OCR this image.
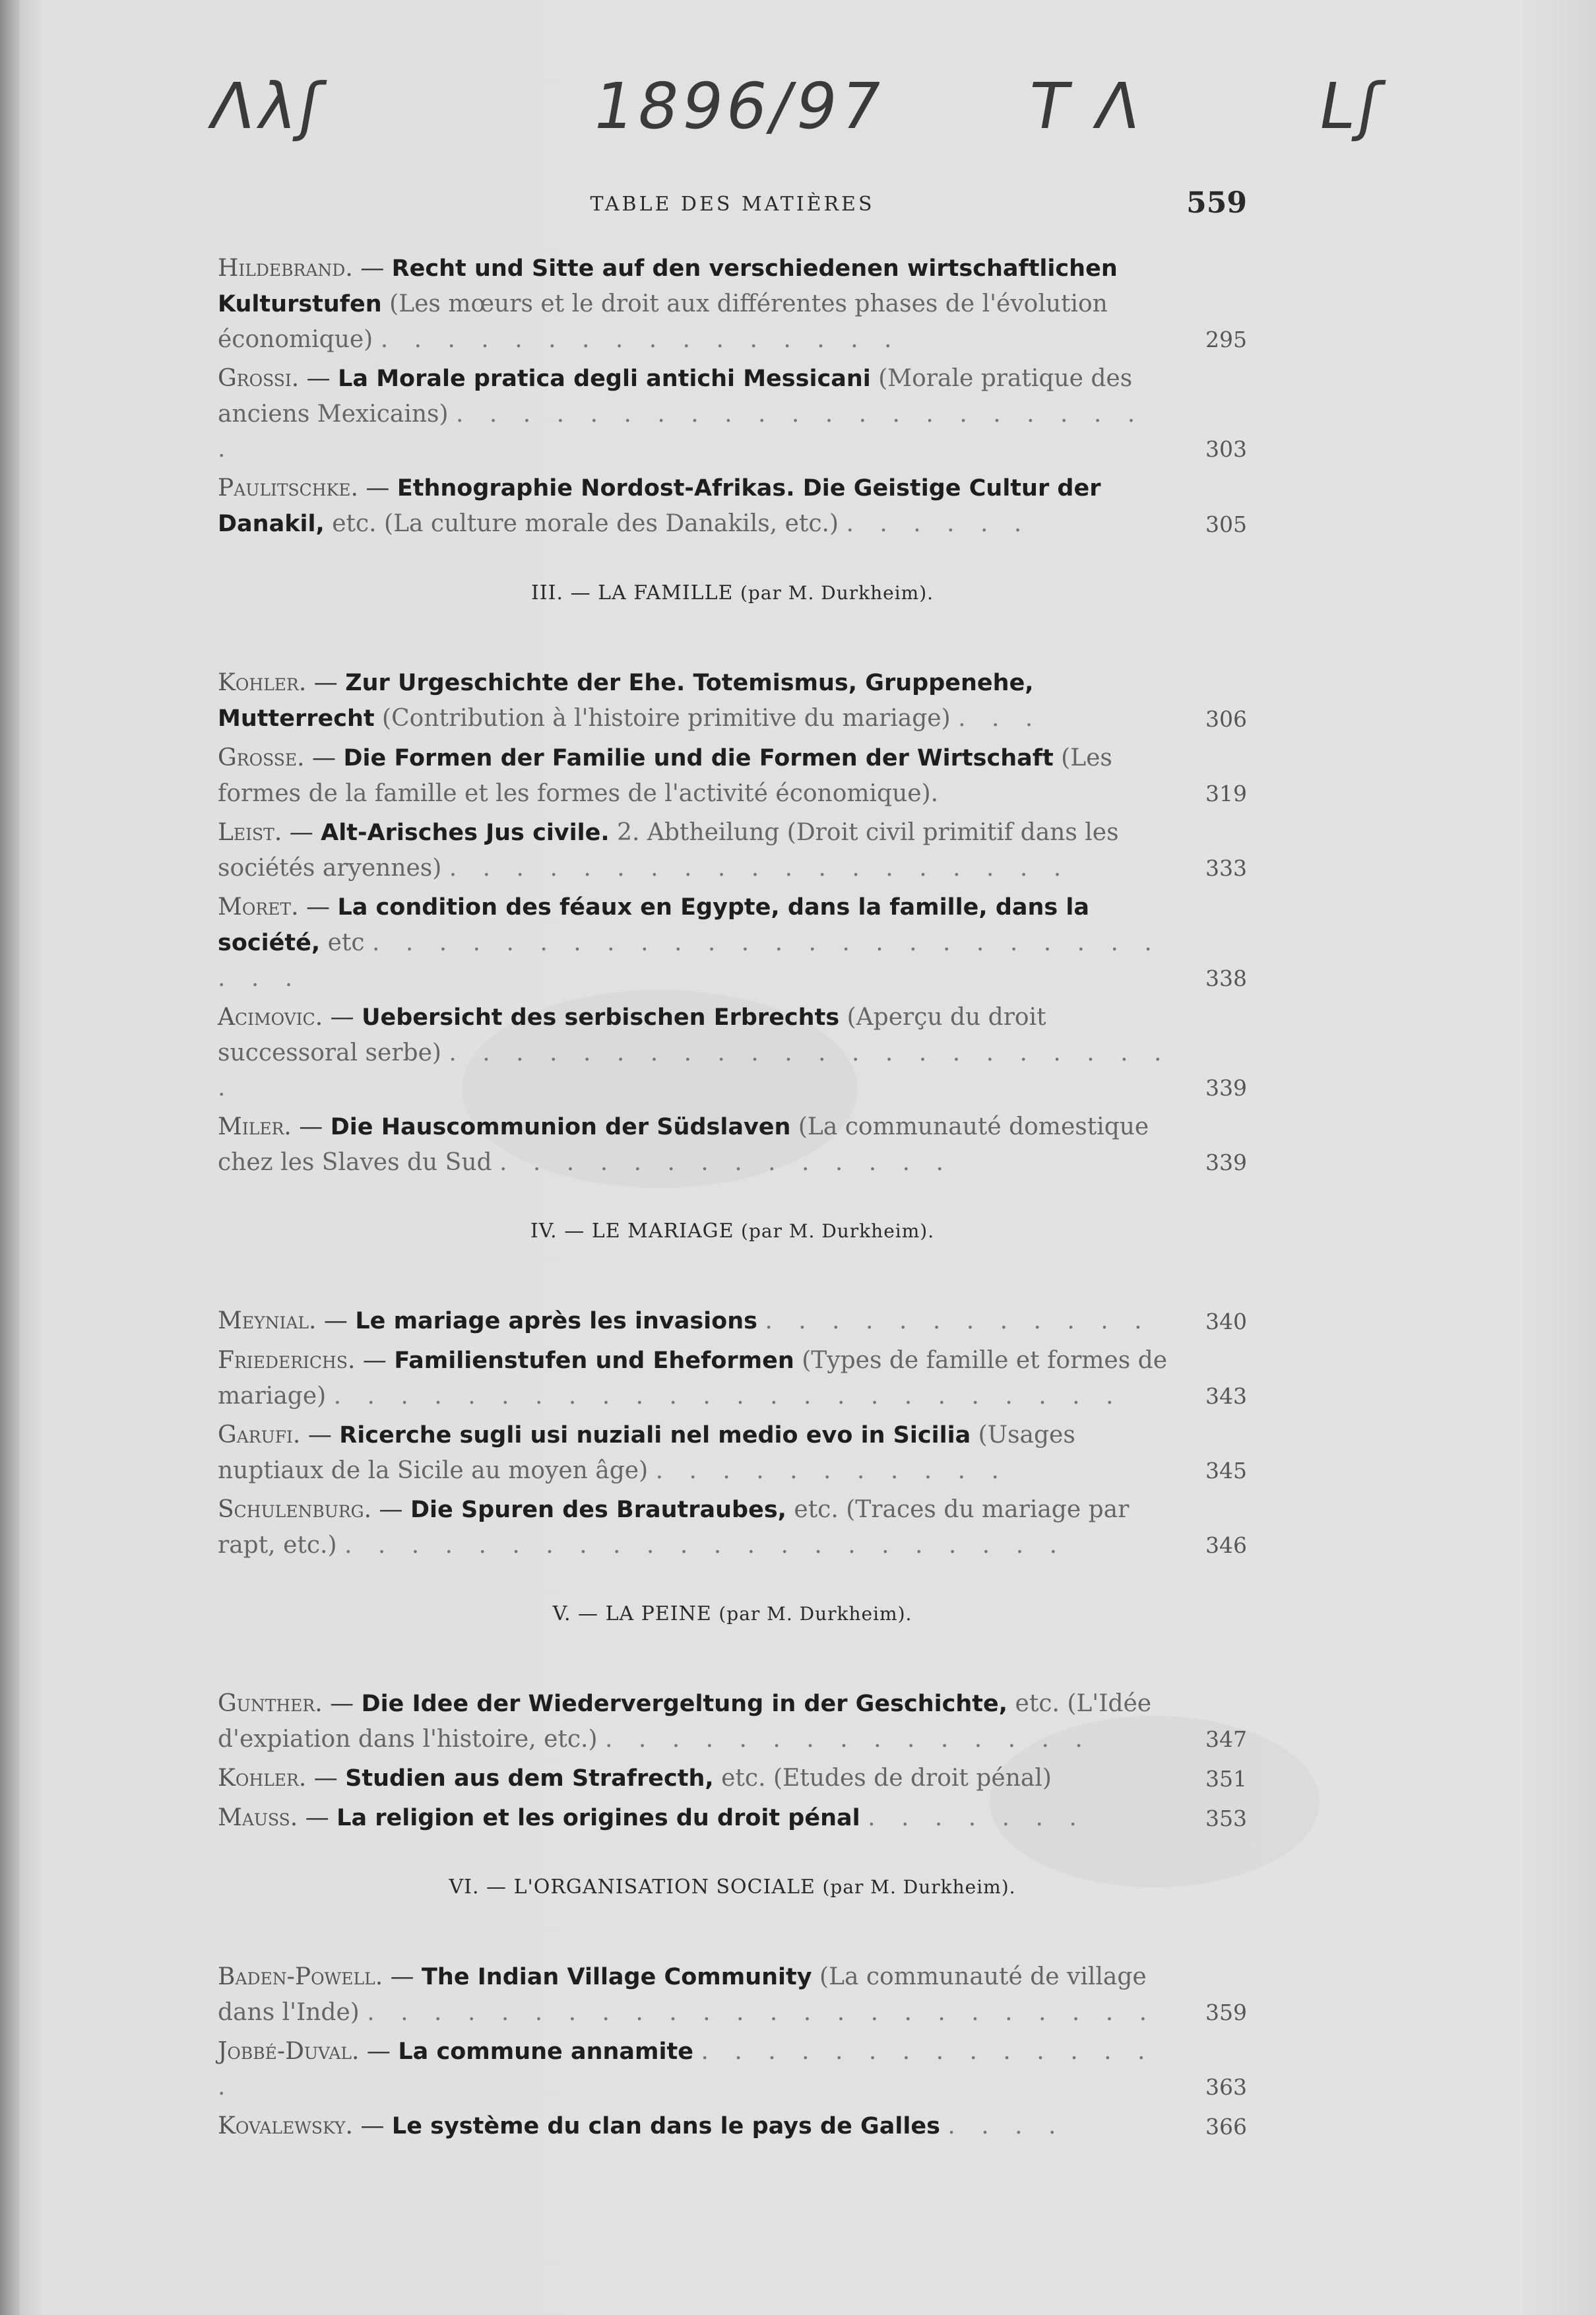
Λλʃ	1896/97 T Λ	Lʃ
TABLE DES MATIÈRES	559
Hildebrand. — Recht und Sitte auf den verschiedenen wirtschaftlichen Kulturstufen (Les mœurs et le droit aux différentes phases de l'évolution économique) . . . . . . . . . . . . . . . .	295
Grossi. — La Morale pratica degli antichi Messicani (Morale pratique des anciens Mexicains) . . . . . . . . . . . . . . . . . . . . . .	303
Paulitschke. — Ethnographie Nordost-Afrikas. Die Geistige Cultur der Danakil, etc. (La culture morale des Danakils, etc.) . . . . . .	305
III. — LA FAMILLE (par M. Durkheim).
Kohler. — Zur Urgeschichte der Ehe. Totemismus, Gruppenehe, Mutterrecht (Contribution à l'histoire primitive du mariage) . . .	306
Grosse. — Die Formen der Familie und die Formen der Wirtschaft (Les formes de la famille et les formes de l'activité économique).	319
Leist. — Alt-Arisches Jus civile. 2. Abtheilung (Droit civil primitif dans les sociétés aryennes) . . . . . . . . . . . . . . . . . . .	333
Moret. — La condition des féaux en Egypte, dans la famille, dans la société, etc . . . . . . . . . . . . . . . . . . . . . . . . . . .	338
Acimovic. — Uebersicht des serbischen Erbrechts (Aperçu du droit successoral serbe) . . . . . . . . . . . . . . . . . . . . . . .	339
Miler. — Die Hauscommunion der Südslaven (La communauté domestique chez les Slaves du Sud . . . . . . . . . . . . . .	339
IV. — LE MARIAGE (par M. Durkheim).
Meynial. — Le mariage après les invasions . . . . . . . . . . . . 340
Friederichs. — Familienstufen und Eheformen (Types de famille et formes de mariage) . . . . . . . . . . . . . . . . . . . . . . . .	343
Garufi. — Ricerche sugli usi nuziali nel medio evo in Sicilia (Usages nuptiaux de la Sicile au moyen âge) . . . . . . . . . . .	345
Schulenburg. — Die Spuren des Brautraubes, etc. (Traces du mariage par rapt, etc.) . . . . . . . . . . . . . . . . . . . . . .	346
V. — LA PEINE (par M. Durkheim).
Gunther. — Die Idee der Wiedervergeltung in der Geschichte, etc. (L'Idée d'expiation dans l'histoire, etc.) . . . . . . . . . . . . . . .	347
Kohler. — Studien aus dem Strafrecth, etc. (Etudes de droit pénal)	351
Mauss. — La religion et les origines du droit pénal . . . . . . .	353
VI. — L'ORGANISATION SOCIALE (par M. Durkheim).
Baden-Powell. — The Indian Village Community (La communauté de village dans l'Inde) . . . . . . . . . . . . . . . . . . . . . . . . 359
Jobbé-Duval. — La commune annamite . . . . . . . . . . . . . . .	363
Kovalewsky. — Le système du clan dans le pays de Galles . . . .	366
